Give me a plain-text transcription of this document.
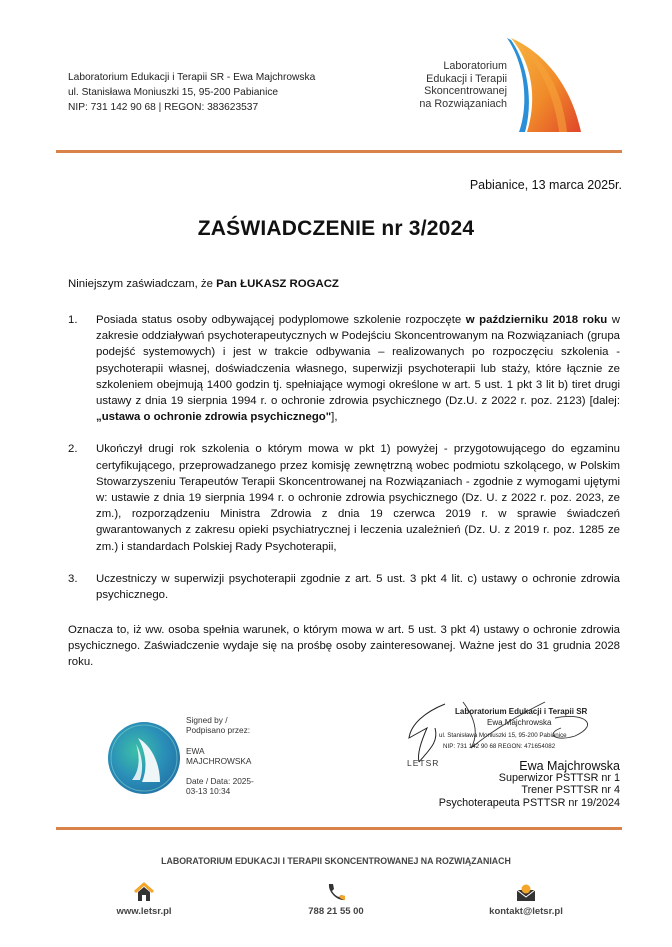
Laboratorium Edukacji i Terapii SR - Ewa Majchrowska
ul. Stanisława Moniuszki 15, 95-200 Pabianice
NIP: 731 142 90 68 | REGON: 383623537
Laboratorium
Edukacji i Terapii
Skoncentrowanej
na Rozwiązaniach
Pabianice, 13 marca 2025r.
ZAŚWIADCZENIE nr 3/2024
Niniejszym zaświadczam, że Pan ŁUKASZ ROGACZ
1.	Posiada status osoby odbywającej podyplomowe szkolenie rozpoczęte w październiku 2018 roku w zakresie oddziaływań psychoterapeutycznych w Podejściu Skoncentrowanym na Rozwiązaniach (grupa podejść systemowych) i jest w trakcie odbywania – realizowanych po rozpoczęciu szkolenia - psychoterapii własnej, doświadczenia własnego, superwizji psychoterapii lub staży, które łącznie ze szkoleniem obejmują 1400 godzin tj. spełniające wymogi określone w art. 5 ust. 1 pkt 3 lit b) tiret drugi ustawy z dnia 19 sierpnia 1994 r. o ochronie zdrowia psychicznego (Dz.U. z 2022 r. poz. 2123) [dalej: „ustawa o ochronie zdrowia psychicznego"],
2.	Ukończył drugi rok szkolenia o którym mowa w pkt 1) powyżej - przygotowującego do egzaminu certyfikującego, przeprowadzanego przez komisję zewnętrzną wobec podmiotu szkolącego, w Polskim Stowarzyszeniu Terapeutów Terapii Skoncentrowanej na Rozwiązaniach - zgodnie z wymogami ujętymi w: ustawie z dnia 19 sierpnia 1994 r. o ochronie zdrowia psychicznego (Dz. U. z 2022 r. poz. 2023, ze zm.), rozporządzeniu Ministra Zdrowia z dnia 19 czerwca 2019 r. w sprawie świadczeń gwarantowanych z zakresu opieki psychiatrycznej i leczenia uzależnień (Dz. U. z 2019 r. poz. 1285 ze zm.) i standardach Polskiej Rady Psychoterapii,
3.	Uczestniczy w superwizji psychoterapii zgodnie z art. 5 ust. 3 pkt 4 lit. c) ustawy o ochronie zdrowia psychicznego.
Oznacza to, iż ww. osoba spełnia warunek, o którym mowa w art. 5 ust. 3 pkt 4) ustawy o ochronie zdrowia psychicznego. Zaświadczenie wydaje się na prośbę osoby zainteresowanej. Ważne jest do 31 grudnia 2028 roku.
Signed by /
Podpisano przez:
EWA
MAJCHROWSKA
Date / Data: 2025-
03-13 10:34
Laboratorium Edukacji i Terapii SR
Ewa Majchrowska
ul. Stanisława Moniuszki 15, 95-200 Pabianice
NIP: 731 142 90 68 REGON: 471654082
LETSR	Ewa Majchrowska
Superwizor PSTTSR nr 1
Trener PSTTSR nr 4
Psychoterapeuta PSTTSR nr 19/2024
LABORATORIUM EDUKACJI I TERAPII SKONCENTROWANEJ NA ROZWIĄZANIACH
www.letsr.pl	788 21 55 00	kontakt@letsr.pl
